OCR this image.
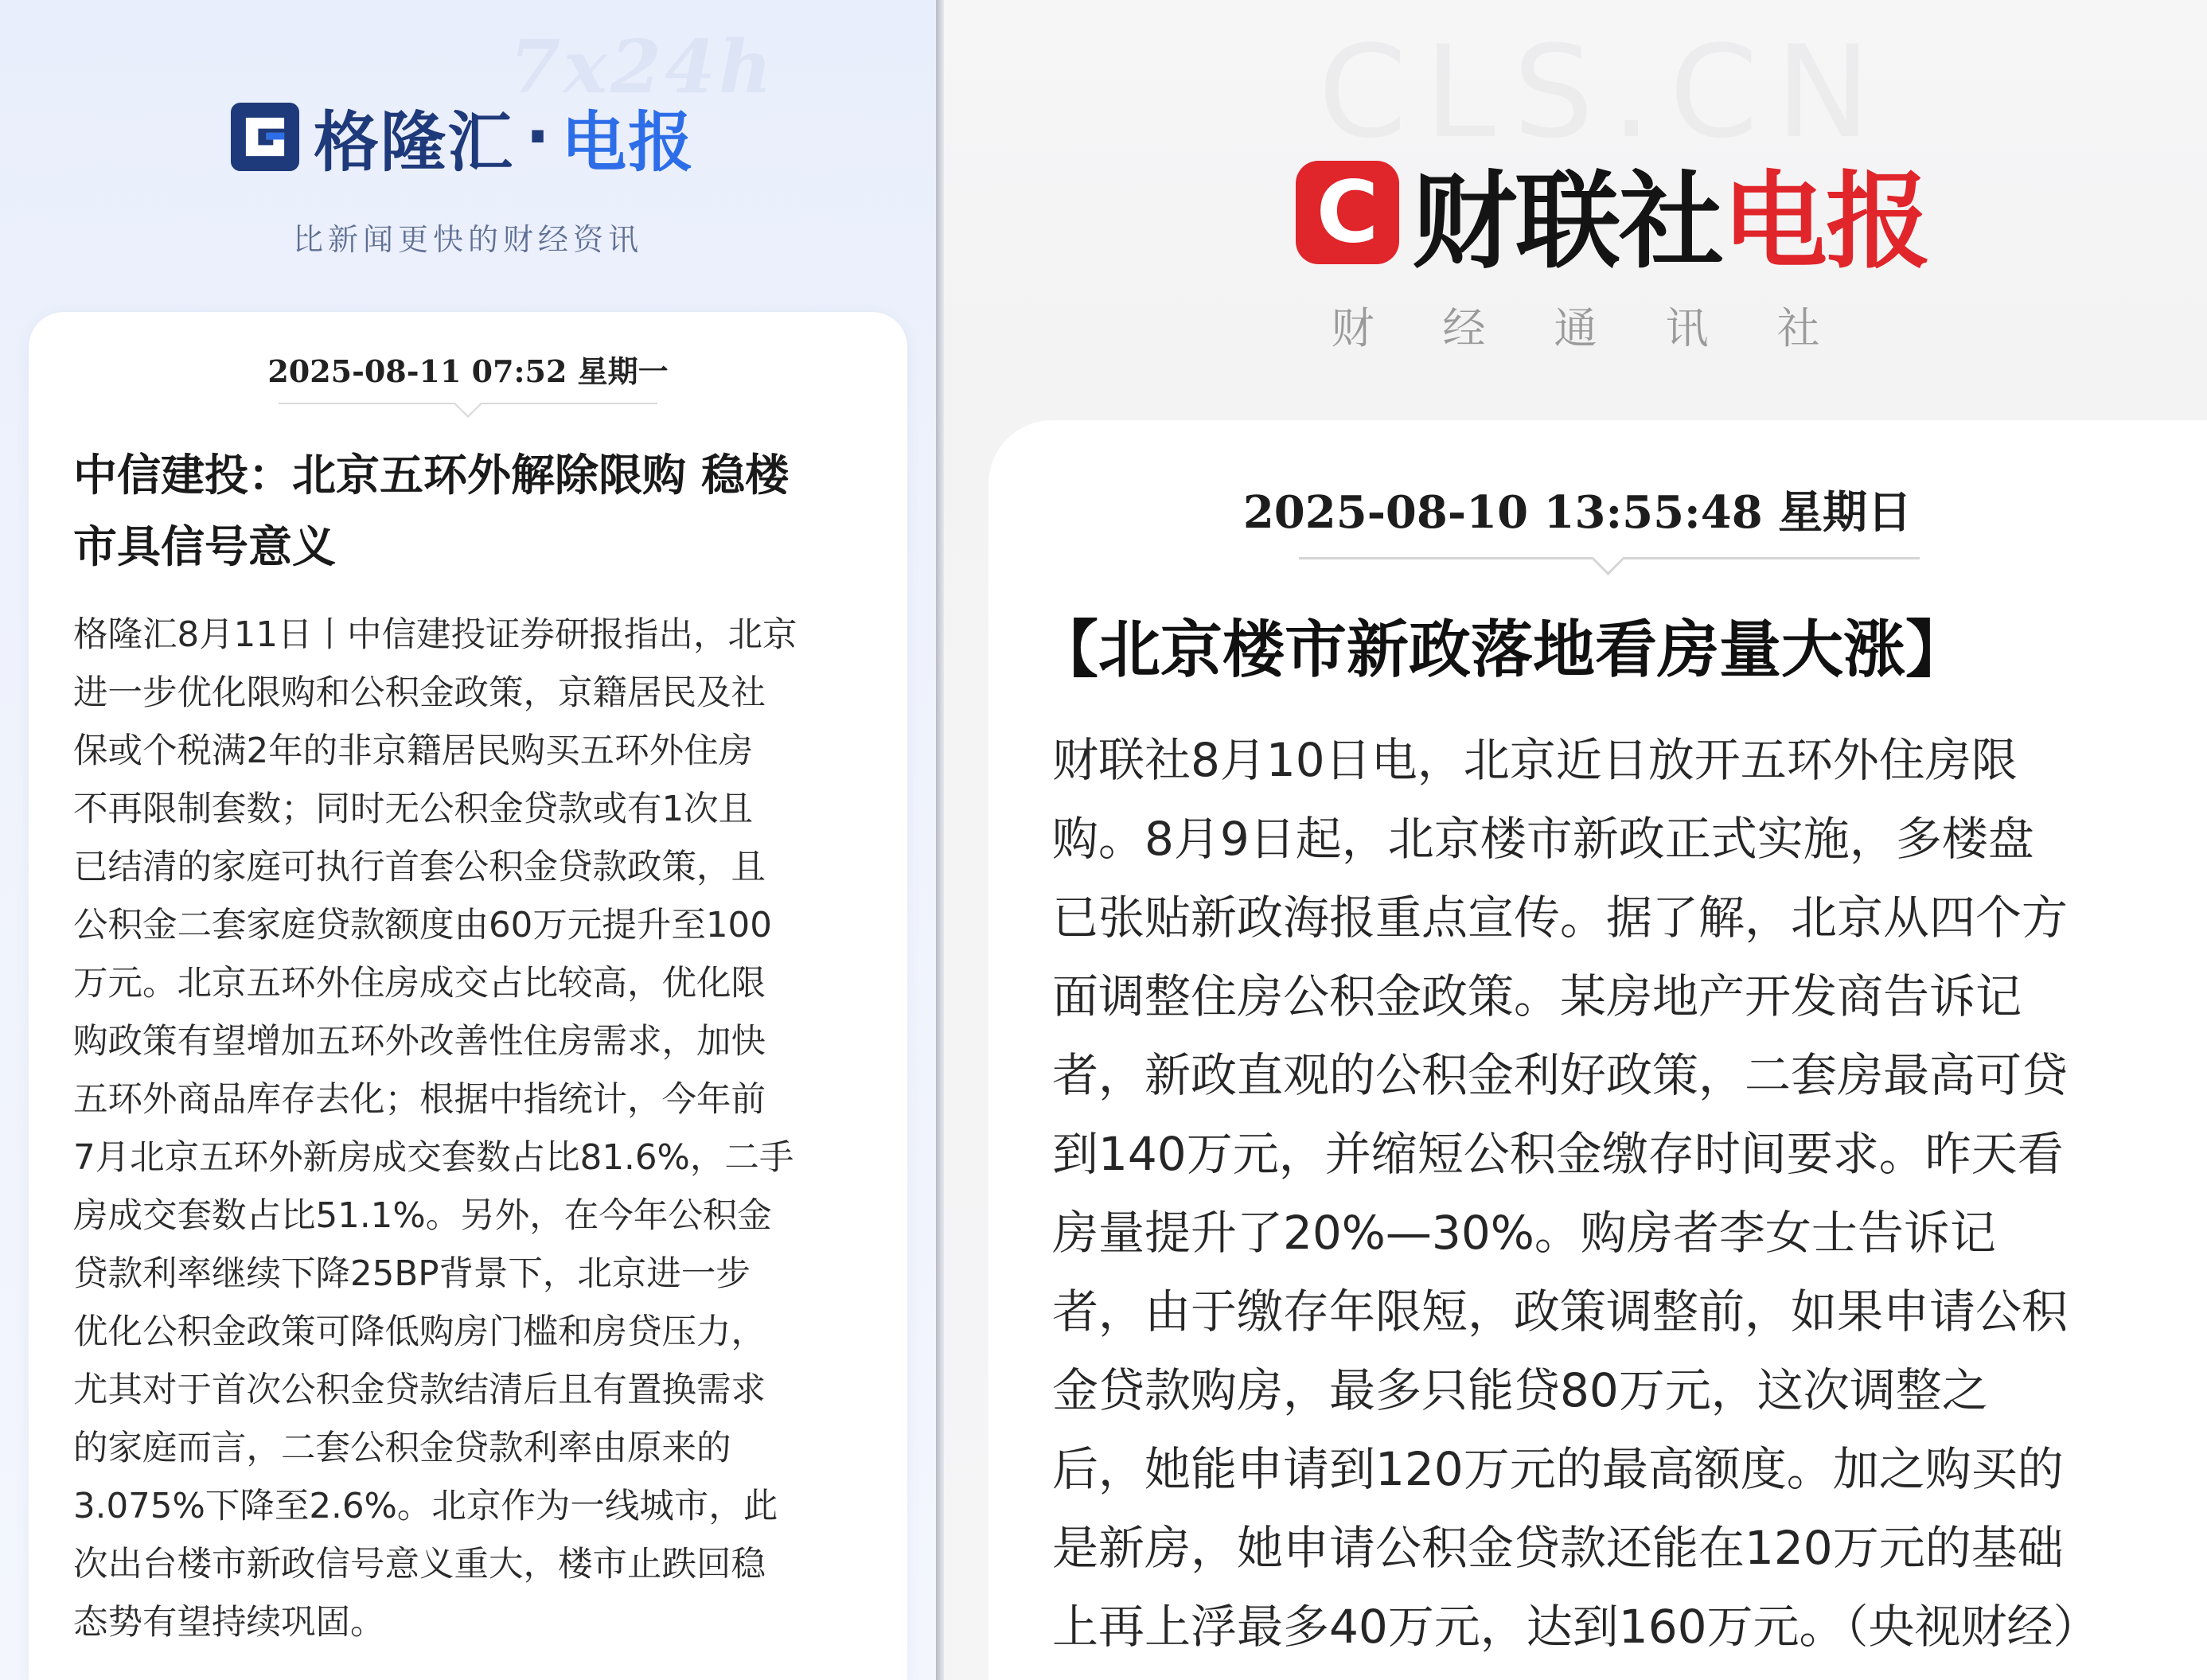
7x24h
格隆汇 · 电报
比新闻更快的财经资讯
2025-08-11 07:52 星期一
中信建投：北京五环外解除限购 稳楼
市具信号意义

格隆汇8月11日丨中信建投证券研报指出，北京

进一步优化限购和公积金政策，京籍居民及社

保或个税满2年的非京籍居民购买五环外住房

不再限制套数；同时无公积金贷款或有1次且

已结清的家庭可执行首套公积金贷款政策，且

公积金二套家庭贷款额度由60万元提升至100

万元。北京五环外住房成交占比较高，优化限

购政策有望增加五环外改善性住房需求，加快

五环外商品库存去化；根据中指统计，今年前

7月北京五环外新房成交套数占比81.6%，二手

房成交套数占比51.1%。另外，在今年公积金

贷款利率继续下降25BP背景下，北京进一步

优化公积金政策可降低购房门槛和房贷压力，

尤其对于首次公积金贷款结清后且有置换需求

的家庭而言，二套公积金贷款利率由原来的

3.075%下降至2.6%。北京作为一线城市，此

次出台楼市新政信号意义重大，楼市止跌回稳

态势有望持续巩固。

C 财联社 电报
财经通讯社
2025-08-10 13:55:48 星期日
【北京楼市新政落地看房量大涨】

财联社8月10日电，北京近日放开五环外住房限

购。8月9日起，北京楼市新政正式实施，多楼盘

已张贴新政海报重点宣传。据了解，北京从四个方

面调整住房公积金政策。某房地产开发商告诉记

者，新政直观的公积金利好政策，二套房最高可贷

到140万元，并缩短公积金缴存时间要求。昨天看

房量提升了20%—30%。购房者李女士告诉记

者，由于缴存年限短，政策调整前，如果申请公积

金贷款购房，最多只能贷80万元，这次调整之

后，她能申请到120万元的最高额度。加之购买的

是新房，她申请公积金贷款还能在120万元的基础

上再上浮最多40万元，达到160万元。（央视财经）
